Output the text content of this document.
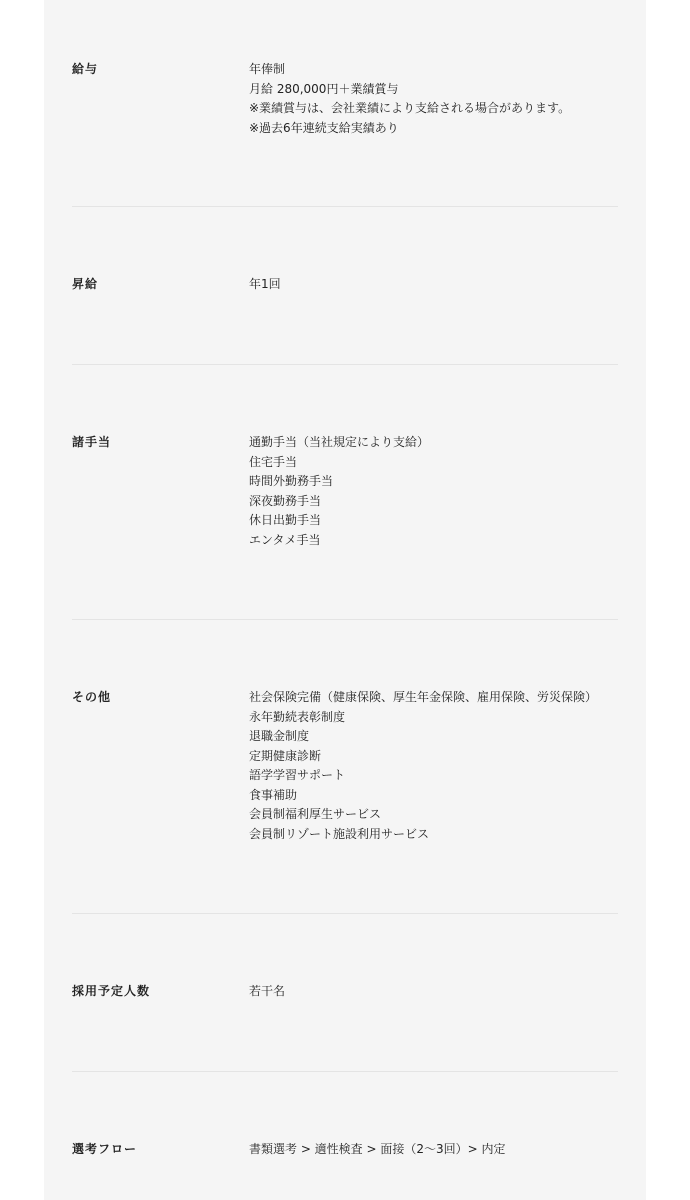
給与	年俸制
月給 280,000円＋業績賞与
※業績賞与は、会社業績により支給される場合があります。
※過去6年連続支給実績あり
昇給	年1回
諸手当	通勤手当（当社規定により支給）
住宅手当
時間外勤務手当
深夜勤務手当
休日出勤手当
エンタメ手当
その他	社会保険完備（健康保険、厚生年金保険、雇用保険、労災保険）
永年勤続表彰制度
退職金制度
定期健康診断
語学学習サポート
食事補助
会員制福利厚生サービス
会員制リゾート施設利用サービス
採用予定人数	若干名
選考フロー	書類選考 > 適性検査 > 面接（2〜3回）> 内定
